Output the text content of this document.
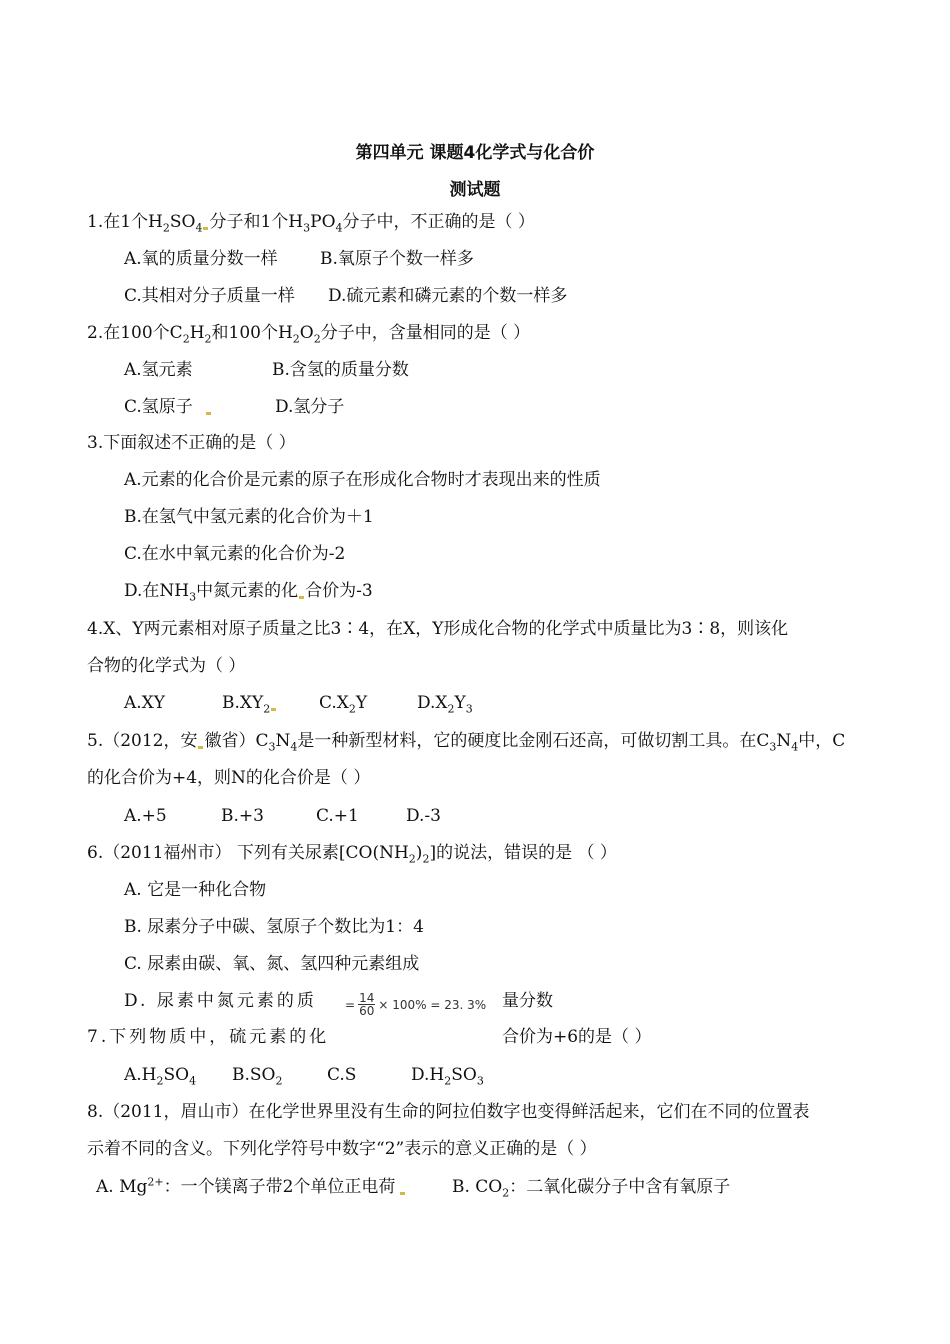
第四单元 课题4化学式与化合价
测试题
1.在1个$H_2SO_4$ 分子和1个$H_3PO_4$分子中，不正确的是（ ）
A.氧的质量分数一样 B.氧原子个数一样多
C.其相对分子质量一样 D.硫元素和磷元素的个数一样多
2.在100个$C_2H_2$和100个$H_2O_2$分子中，含量相同的是（ ）
A.氢元素	B.含氢的质量分数
C.氢原子	D.氢分子
3.下面叙述不正确的是（ ）
A.元素的化合价是元素的原子在形成化合物时才表现出来的性质
B.在氢气中氢元素的化合价为＋1
C.在水中氧元素的化合价为-2
D.在$NH_3$中氮元素的化 合价为-3
4.X、Y两元素相对原子质量之比3∶4，在X，Y形成化合物的化学式中质量比为3∶8，则该化
合物的化学式为（ ）
A.XY	$B.XY_2$	$C.X_2Y$	$D.X_2Y_3$
5.（2012，安 徽省）$C_3N_4$是一种新型材料，它的硬度比金刚石还高，可做切割工具。在$C_3N_4$中，C
的化合价为+4，则N的化合价是（ ）
A.+5	B.+3	C.+1	D.-3
6.（2011福州市） 下列有关尿素$[CO(NH_2)_2]$的说法，错误的是 （ ）
A. 它是一种化合物
B. 尿素分子中碳、氢原子个数比为1：4
C. 尿素由碳、氧、氮、氢四种元素组成
D. 尿素中氮元素的质 = $\frac{14}{60} \times 100\% = 23$. 3% 量分数
7.下列物质中，硫元素的化	合价为+6的是（ ）
$A.H_2SO_4$ $B.SO_2$	C.S	$D.H_2SO_3$
8.（2011，眉山市）在化学世界里没有生命的阿拉伯数字也变得鲜活起来，它们在不同的位置表
示着不同的含义。下列化学符号中数字“2”表示的意义正确的是（ ）
A. $Mg^{2+}$：一个镁离子带2个单位正电荷	B. $CO_2$：二氧化碳分子中含有氧原子
